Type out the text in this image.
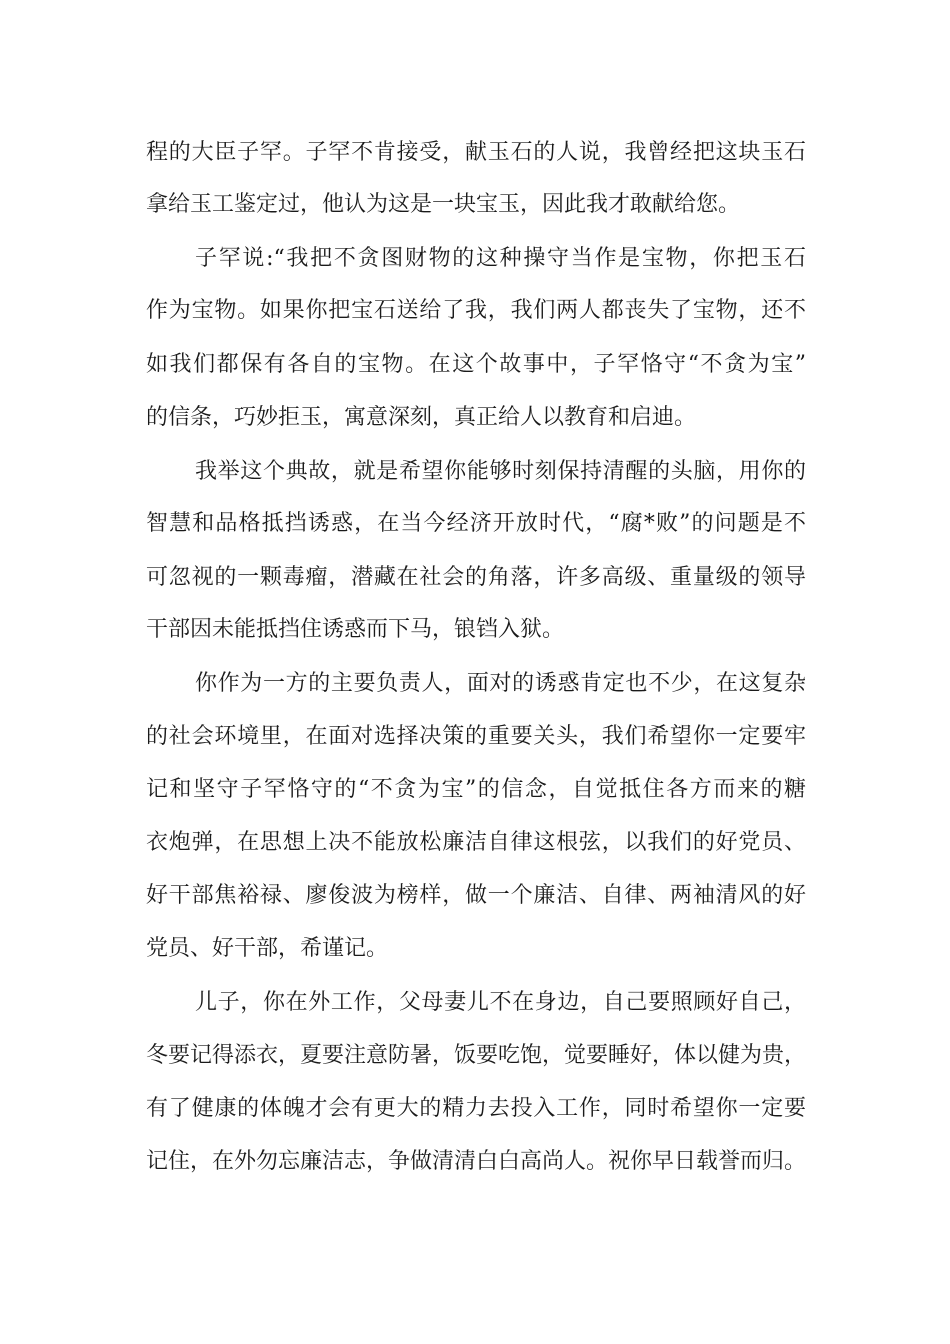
程的大臣子罕。子罕不肯接受，献玉石的人说，我曾经把这块玉石
拿给玉工鉴定过，他认为这是一块宝玉，因此我才敢献给您。
子罕说:“我把不贪图财物的这种操守当作是宝物，你把玉石
作为宝物。如果你把宝石送给了我，我们两人都丧失了宝物，还不
如我们都保有各自的宝物。在这个故事中，子罕恪守“不贪为宝”
的信条，巧妙拒玉，寓意深刻，真正给人以教育和启迪。
我举这个典故，就是希望你能够时刻保持清醒的头脑，用你的
智慧和品格抵挡诱惑，在当今经济开放时代，“腐*败”的问题是不
可忽视的一颗毒瘤，潜藏在社会的角落，许多高级、重量级的领导
干部因未能抵挡住诱惑而下马，锒铛入狱。
你作为一方的主要负责人，面对的诱惑肯定也不少，在这复杂
的社会环境里，在面对选择决策的重要关头，我们希望你一定要牢
记和坚守子罕恪守的“不贪为宝”的信念，自觉抵住各方而来的糖
衣炮弹，在思想上决不能放松廉洁自律这根弦，以我们的好党员、
好干部焦裕禄、廖俊波为榜样，做一个廉洁、自律、两袖清风的好
党员、好干部，希谨记。
儿子，你在外工作，父母妻儿不在身边，自己要照顾好自己，
冬要记得添衣，夏要注意防暑，饭要吃饱，觉要睡好，体以健为贵，
有了健康的体魄才会有更大的精力去投入工作，同时希望你一定要
记住，在外勿忘廉洁志，争做清清白白高尚人。祝你早日载誉而归。
